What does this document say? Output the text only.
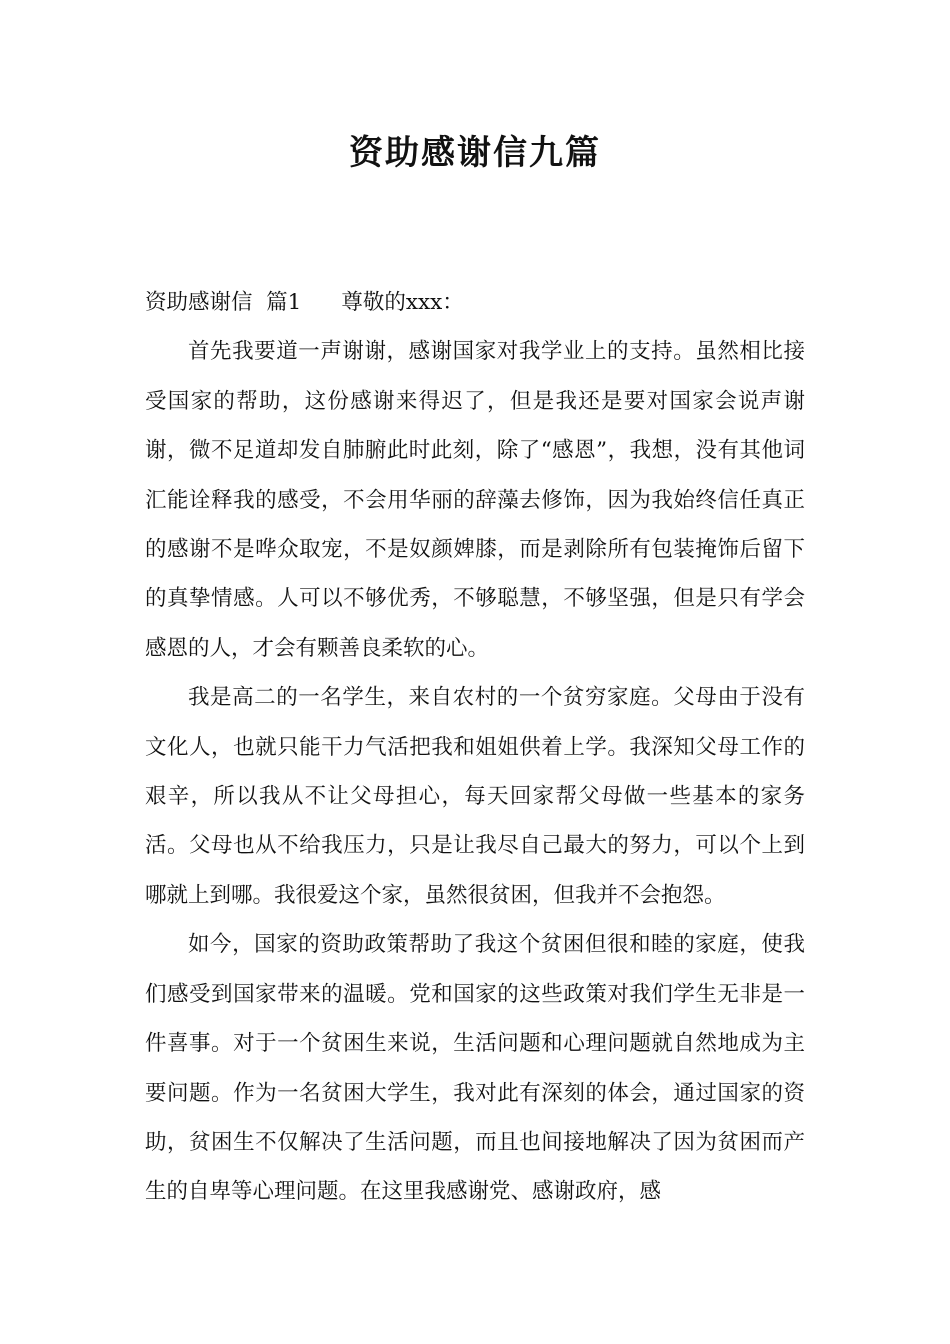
资助感谢信九篇

资助感谢信  篇1 尊敬的xxx：

首先我要道一声谢谢，感谢国家对我学业上的支持。虽然相比接受国家的帮助，这份感谢来得迟了，但是我还是要对国家会说声谢谢，微不足道却发自肺腑此时此刻，除了“感恩”，我想，没有其他词汇能诠释我的感受，不会用华丽的辞藻去修饰，因为我始终信任真正的感谢不是哗众取宠，不是奴颜婢膝，而是剥除所有包装掩饰后留下的真挚情感。人可以不够优秀，不够聪慧，不够坚强，但是只有学会感恩的人，才会有颗善良柔软的心。

我是高二的一名学生，来自农村的一个贫穷家庭。父母由于没有文化人，也就只能干力气活把我和姐姐供着上学。我深知父母工作的艰辛，所以我从不让父母担心，每天回家帮父母做一些基本的家务活。父母也从不给我压力，只是让我尽自己最大的努力，可以个上到哪就上到哪。我很爱这个家，虽然很贫困，但我并不会抱怨。

如今，国家的资助政策帮助了我这个贫困但很和睦的家庭，使我们感受到国家带来的温暖。党和国家的这些政策对我们学生无非是一件喜事。对于一个贫困生来说，生活问题和心理问题就自然地成为主要问题。作为一名贫困大学生，我对此有深刻的体会，通过国家的资助，贫困生不仅解决了生活问题，而且也间接地解决了因为贫困而产生的自卑等心理问题。在这里我感谢党、感谢政府，感
